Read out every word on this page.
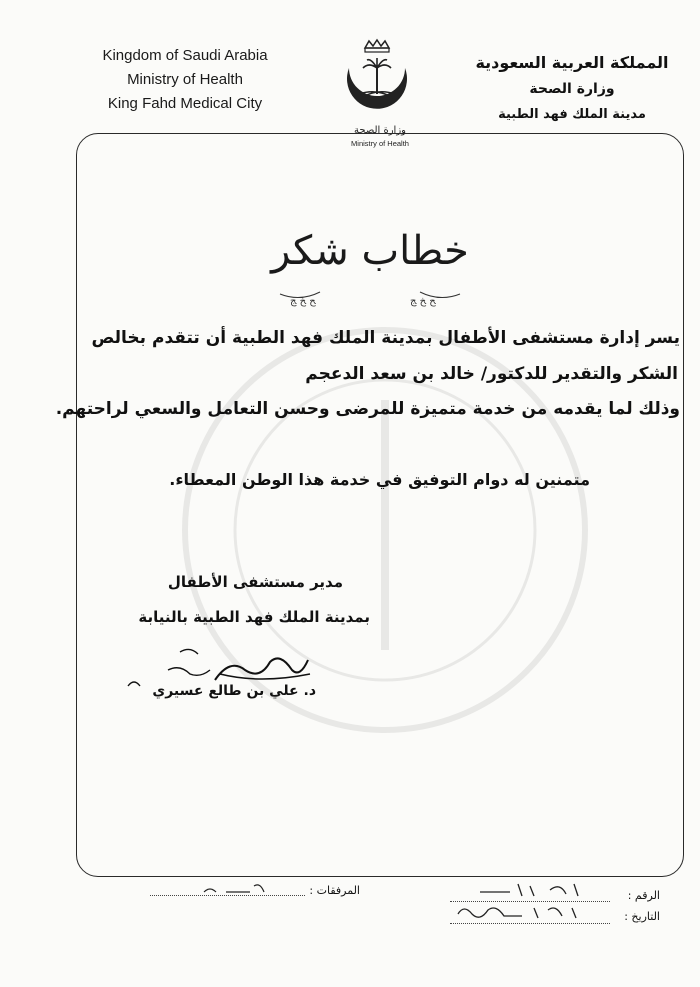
Kingdom of Saudi Arabia
Ministry of Health
King Fahd Medical City
المملكة العربية السعودية
وزارة الصحة
مدينة الملك فهد الطبية
وزارة الصحة
Ministry of Health
خطاب شكر
ﺢ ﺦ ﺞ	ﺢ ﺦ ﺞ
يسر إدارة مستشفى الأطفال بمدينة الملك فهد الطبية أن تتقدم بخالص
الشكر والتقدير للدكتور/ خالد بن سعد الدعجم
وذلك لما يقدمه من خدمة متميزة للمرضى وحسن التعامل والسعي لراحتهم.
متمنين له دوام التوفيق في خدمة هذا الوطن المعطاء.
مدير مستشفى الأطفال
بمدينة الملك فهد الطبية بالنيابة
د. علي بن طالع عسيري
الرقم :
التاريخ :
المرفقات :
